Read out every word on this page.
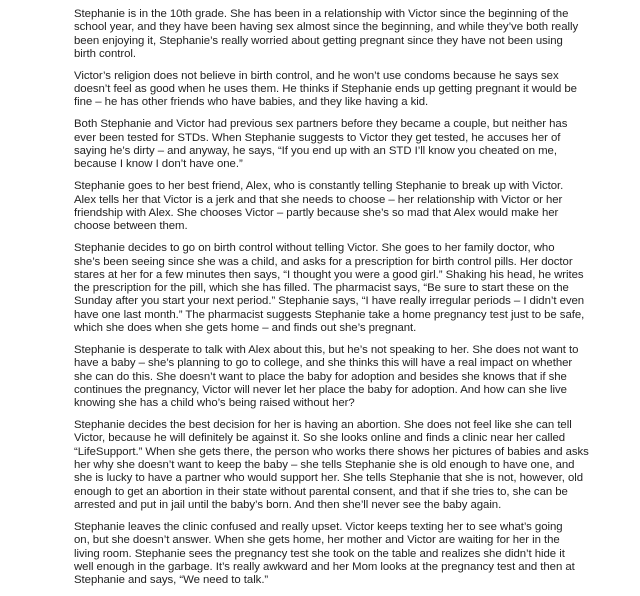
Stephanie is in the 10th grade. She has been in a relationship with Victor since the beginning of the
school year, and they have been having sex almost since the beginning, and while they’ve both really
been enjoying it, Stephanie’s really worried about getting pregnant since they have not been using
birth control.
Victor’s religion does not believe in birth control, and he won’t use condoms because he says sex
doesn’t feel as good when he uses them. He thinks if Stephanie ends up getting pregnant it would be
fine – he has other friends who have babies, and they like having a kid.
Both Stephanie and Victor had previous sex partners before they became a couple, but neither has
ever been tested for STDs. When Stephanie suggests to Victor they get tested, he accuses her of
saying he’s dirty – and anyway, he says, “If you end up with an STD I’ll know you cheated on me,
because I know I don’t have one.”
Stephanie goes to her best friend, Alex, who is constantly telling Stephanie to break up with Victor.
Alex tells her that Victor is a jerk and that she needs to choose – her relationship with Victor or her
friendship with Alex. She chooses Victor – partly because she’s so mad that Alex would make her
choose between them.
Stephanie decides to go on birth control without telling Victor. She goes to her family doctor, who
she’s been seeing since she was a child, and asks for a prescription for birth control pills. Her doctor
stares at her for a few minutes then says, “I thought you were a good girl.” Shaking his head, he writes
the prescription for the pill, which she has filled. The pharmacist says, “Be sure to start these on the
Sunday after you start your next period.” Stephanie says, “I have really irregular periods – I didn’t even
have one last month.” The pharmacist suggests Stephanie take a home pregnancy test just to be safe,
which she does when she gets home – and finds out she’s pregnant.
Stephanie is desperate to talk with Alex about this, but he’s not speaking to her. She does not want to
have a baby – she’s planning to go to college, and she thinks this will have a real impact on whether
she can do this. She doesn’t want to place the baby for adoption and besides she knows that if she
continues the pregnancy, Victor will never let her place the baby for adoption. And how can she live
knowing she has a child who’s being raised without her?
Stephanie decides the best decision for her is having an abortion. She does not feel like she can tell
Victor, because he will definitely be against it. So she looks online and finds a clinic near her called
“LifeSupport.” When she gets there, the person who works there shows her pictures of babies and asks
her why she doesn’t want to keep the baby – she tells Stephanie she is old enough to have one, and
she is lucky to have a partner who would support her. She tells Stephanie that she is not, however, old
enough to get an abortion in their state without parental consent, and that if she tries to, she can be
arrested and put in jail until the baby’s born. And then she’ll never see the baby again.
Stephanie leaves the clinic confused and really upset. Victor keeps texting her to see what’s going
on, but she doesn’t answer. When she gets home, her mother and Victor are waiting for her in the
living room. Stephanie sees the pregnancy test she took on the table and realizes she didn’t hide it
well enough in the garbage. It’s really awkward and her Mom looks at the pregnancy test and then at
Stephanie and says, “We need to talk.”
